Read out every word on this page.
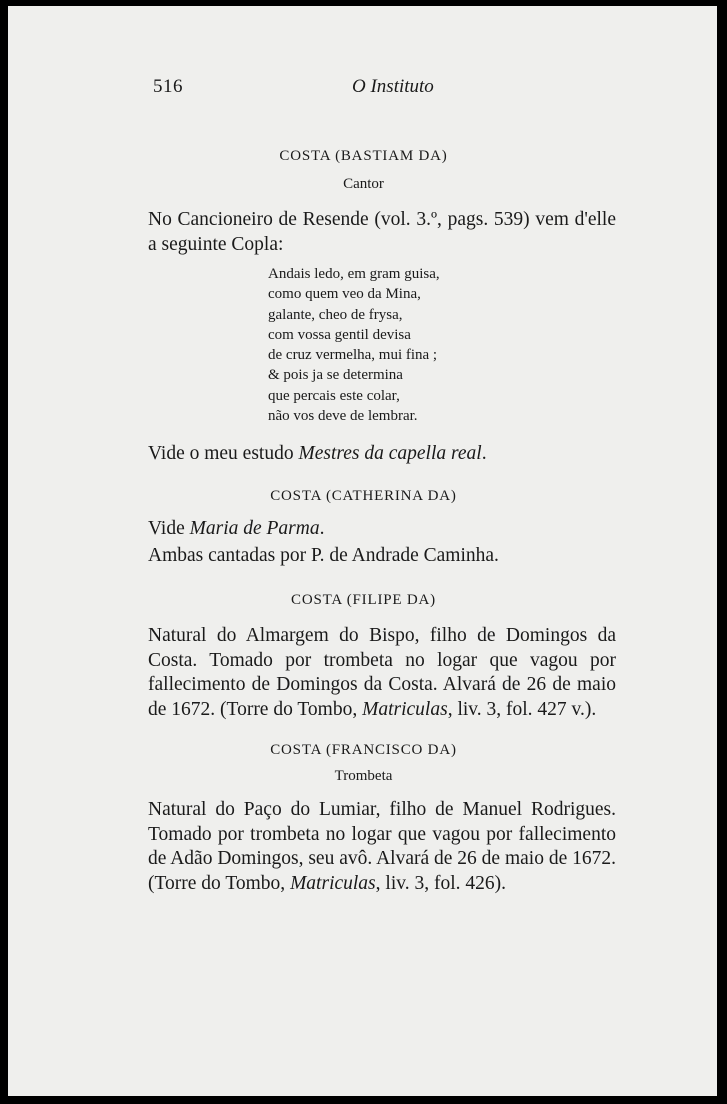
516	O Instituto
COSTA (BASTIAM DA)
Cantor
No Cancioneiro de Resende (vol. 3.º, pags. 539) vem d'elle a seguinte Copla:
Andais ledo, em gram guisa,
como quem veo da Mina,
galante, cheo de frysa,
com vossa gentil devisa
de cruz vermelha, mui fina ;
& pois ja se determina
que percais este colar,
não vos deve de lembrar.
Vide o meu estudo Mestres da capella real.
COSTA (CATHERINA DA)
Vide Maria de Parma.
Ambas cantadas por P. de Andrade Caminha.
COSTA (FILIPE DA)
Natural do Almargem do Bispo, filho de Domingos da Costa. Tomado por trombeta no logar que vagou por fallecimento de Domingos da Costa. Alvará de 26 de maio de 1672. (Torre do Tombo, Matriculas, liv. 3, fol. 427 v.).
COSTA (FRANCISCO DA)
Trombeta
Natural do Paço do Lumiar, filho de Manuel Rodrigues. Tomado por trombeta no logar que vagou por fallecimento de Adão Domingos, seu avô. Alvará de 26 de maio de 1672. (Torre do Tombo, Matriculas, liv. 3, fol. 426).
